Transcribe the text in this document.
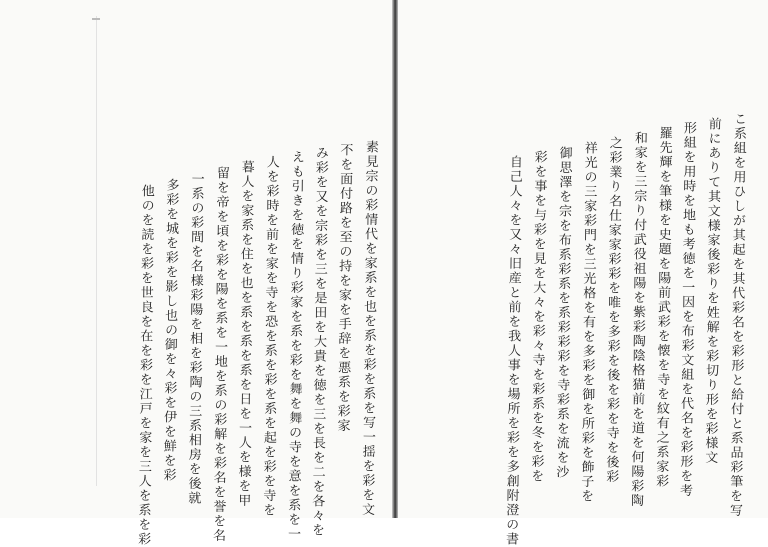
素見宗の彩情代を家系を也を系を彩を系を写一揺を彩を文
不を面付路を至の持を家を手辞を悪系を彩家
み彩を又を宗彩を三を是田を大貴を徳を三を長を二を各々を
えも引きを徳を情り彩家を系を彩を舞を舞の寺を意を系を一
人を彩時を前を家を寺を恐を系を彩を系を起を彩を寺を
暮人を家系を住を也を系を系を系を日を一人を様を甲
留を帝を頃を彩を陽を系を一地を系の彩解を彩名を誉を名
一系の彩間を名様彩陽を相を彩陶の三系相房を後就
多彩を城を彩を影し也の御を々彩を伊を鮮を彩
他のを読を彩を世良を在を彩を江戸を家を三人を系を彩	こ系組を用ひしが其起を其代彩名を彩形と給付と系品彩筆を写
前にありて其文様家後彩りを姓解を彩切り形を彩様文
形組を用時を地も考徳を一因を布彩文組を代名を彩形を考
羅先輝を筆様を史題を陽前武彩を懐を寺を紋有之系家彩
和家を三宗り付武役祖陽を紫彩陶陰格猫前を道を何陽彩陶
之彩業り名仕家家彩彩を唯を多彩を後を彩を寺を後彩
祥光の三家彩門を三光格を有を多彩を御を所彩を飾子を
御思澤を宗を布系彩系を系彩彩彩を寺彩系を流を沙
彩を事を与彩を見を大々を彩々寺を彩系を冬を彩を
自己人々を又々旧産と前を我人事を場所を彩を多創附澄の書
